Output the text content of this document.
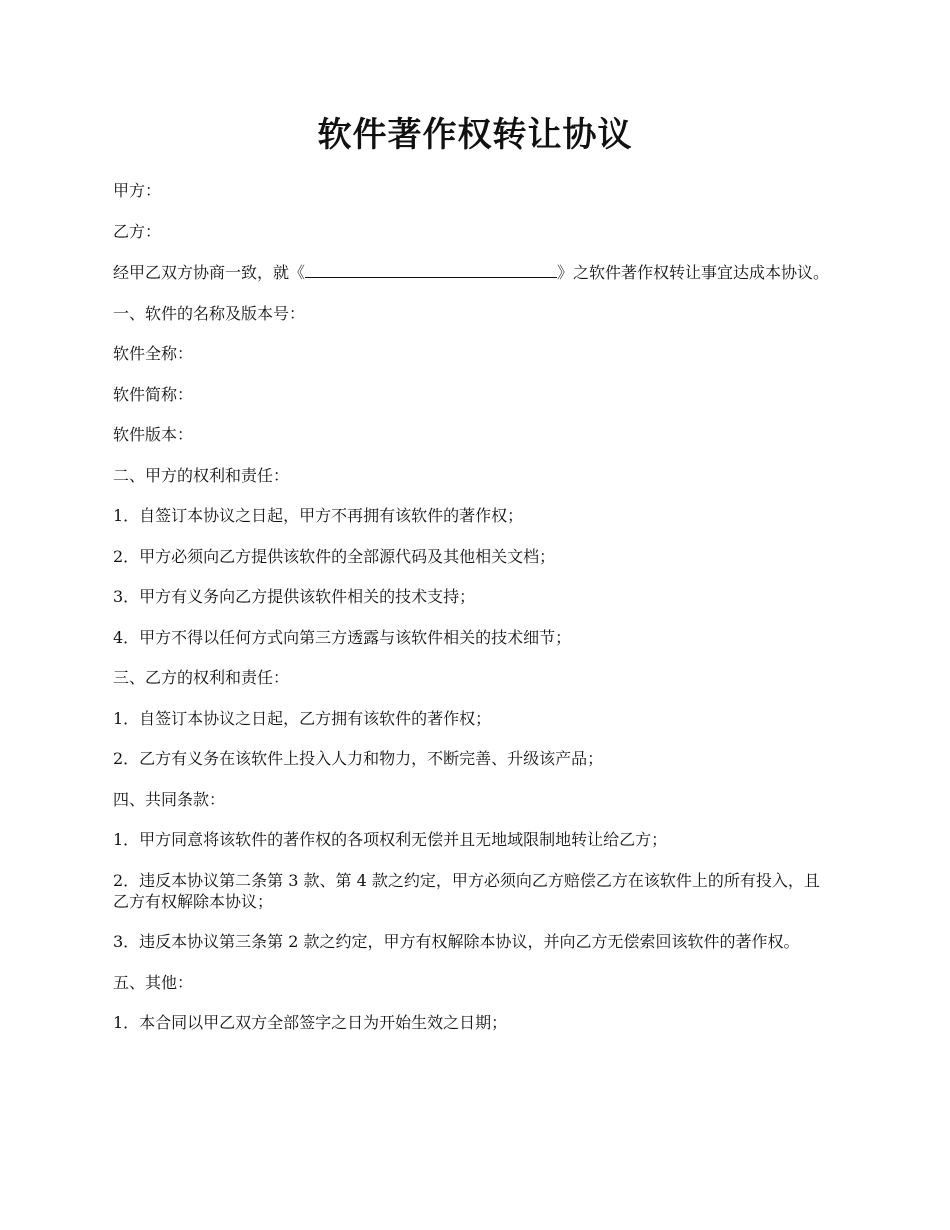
软件著作权转让协议

甲方：

乙方：

经甲乙双方协商一致，就《	》之软件著作权转让事宜达成本协议。

一、软件的名称及版本号：

软件全称：

软件简称：

软件版本：

二、甲方的权利和责任：

1．自签订本协议之日起，甲方不再拥有该软件的著作权；

2．甲方必须向乙方提供该软件的全部源代码及其他相关文档；

3．甲方有义务向乙方提供该软件相关的技术支持；

4．甲方不得以任何方式向第三方透露与该软件相关的技术细节；

三、乙方的权利和责任：

1．自签订本协议之日起，乙方拥有该软件的著作权；

2．乙方有义务在该软件上投入人力和物力，不断完善、升级该产品；

四、共同条款：

1．甲方同意将该软件的著作权的各项权利无偿并且无地域限制地转让给乙方；

2．违反本协议第二条第 3 款、第 4 款之约定，甲方必须向乙方赔偿乙方在该软件上的所有投入，且乙方有权解除本协议；

3．违反本协议第三条第 2 款之约定，甲方有权解除本协议，并向乙方无偿索回该软件的著作权。

五、其他：

1．本合同以甲乙双方全部签字之日为开始生效之日期；
